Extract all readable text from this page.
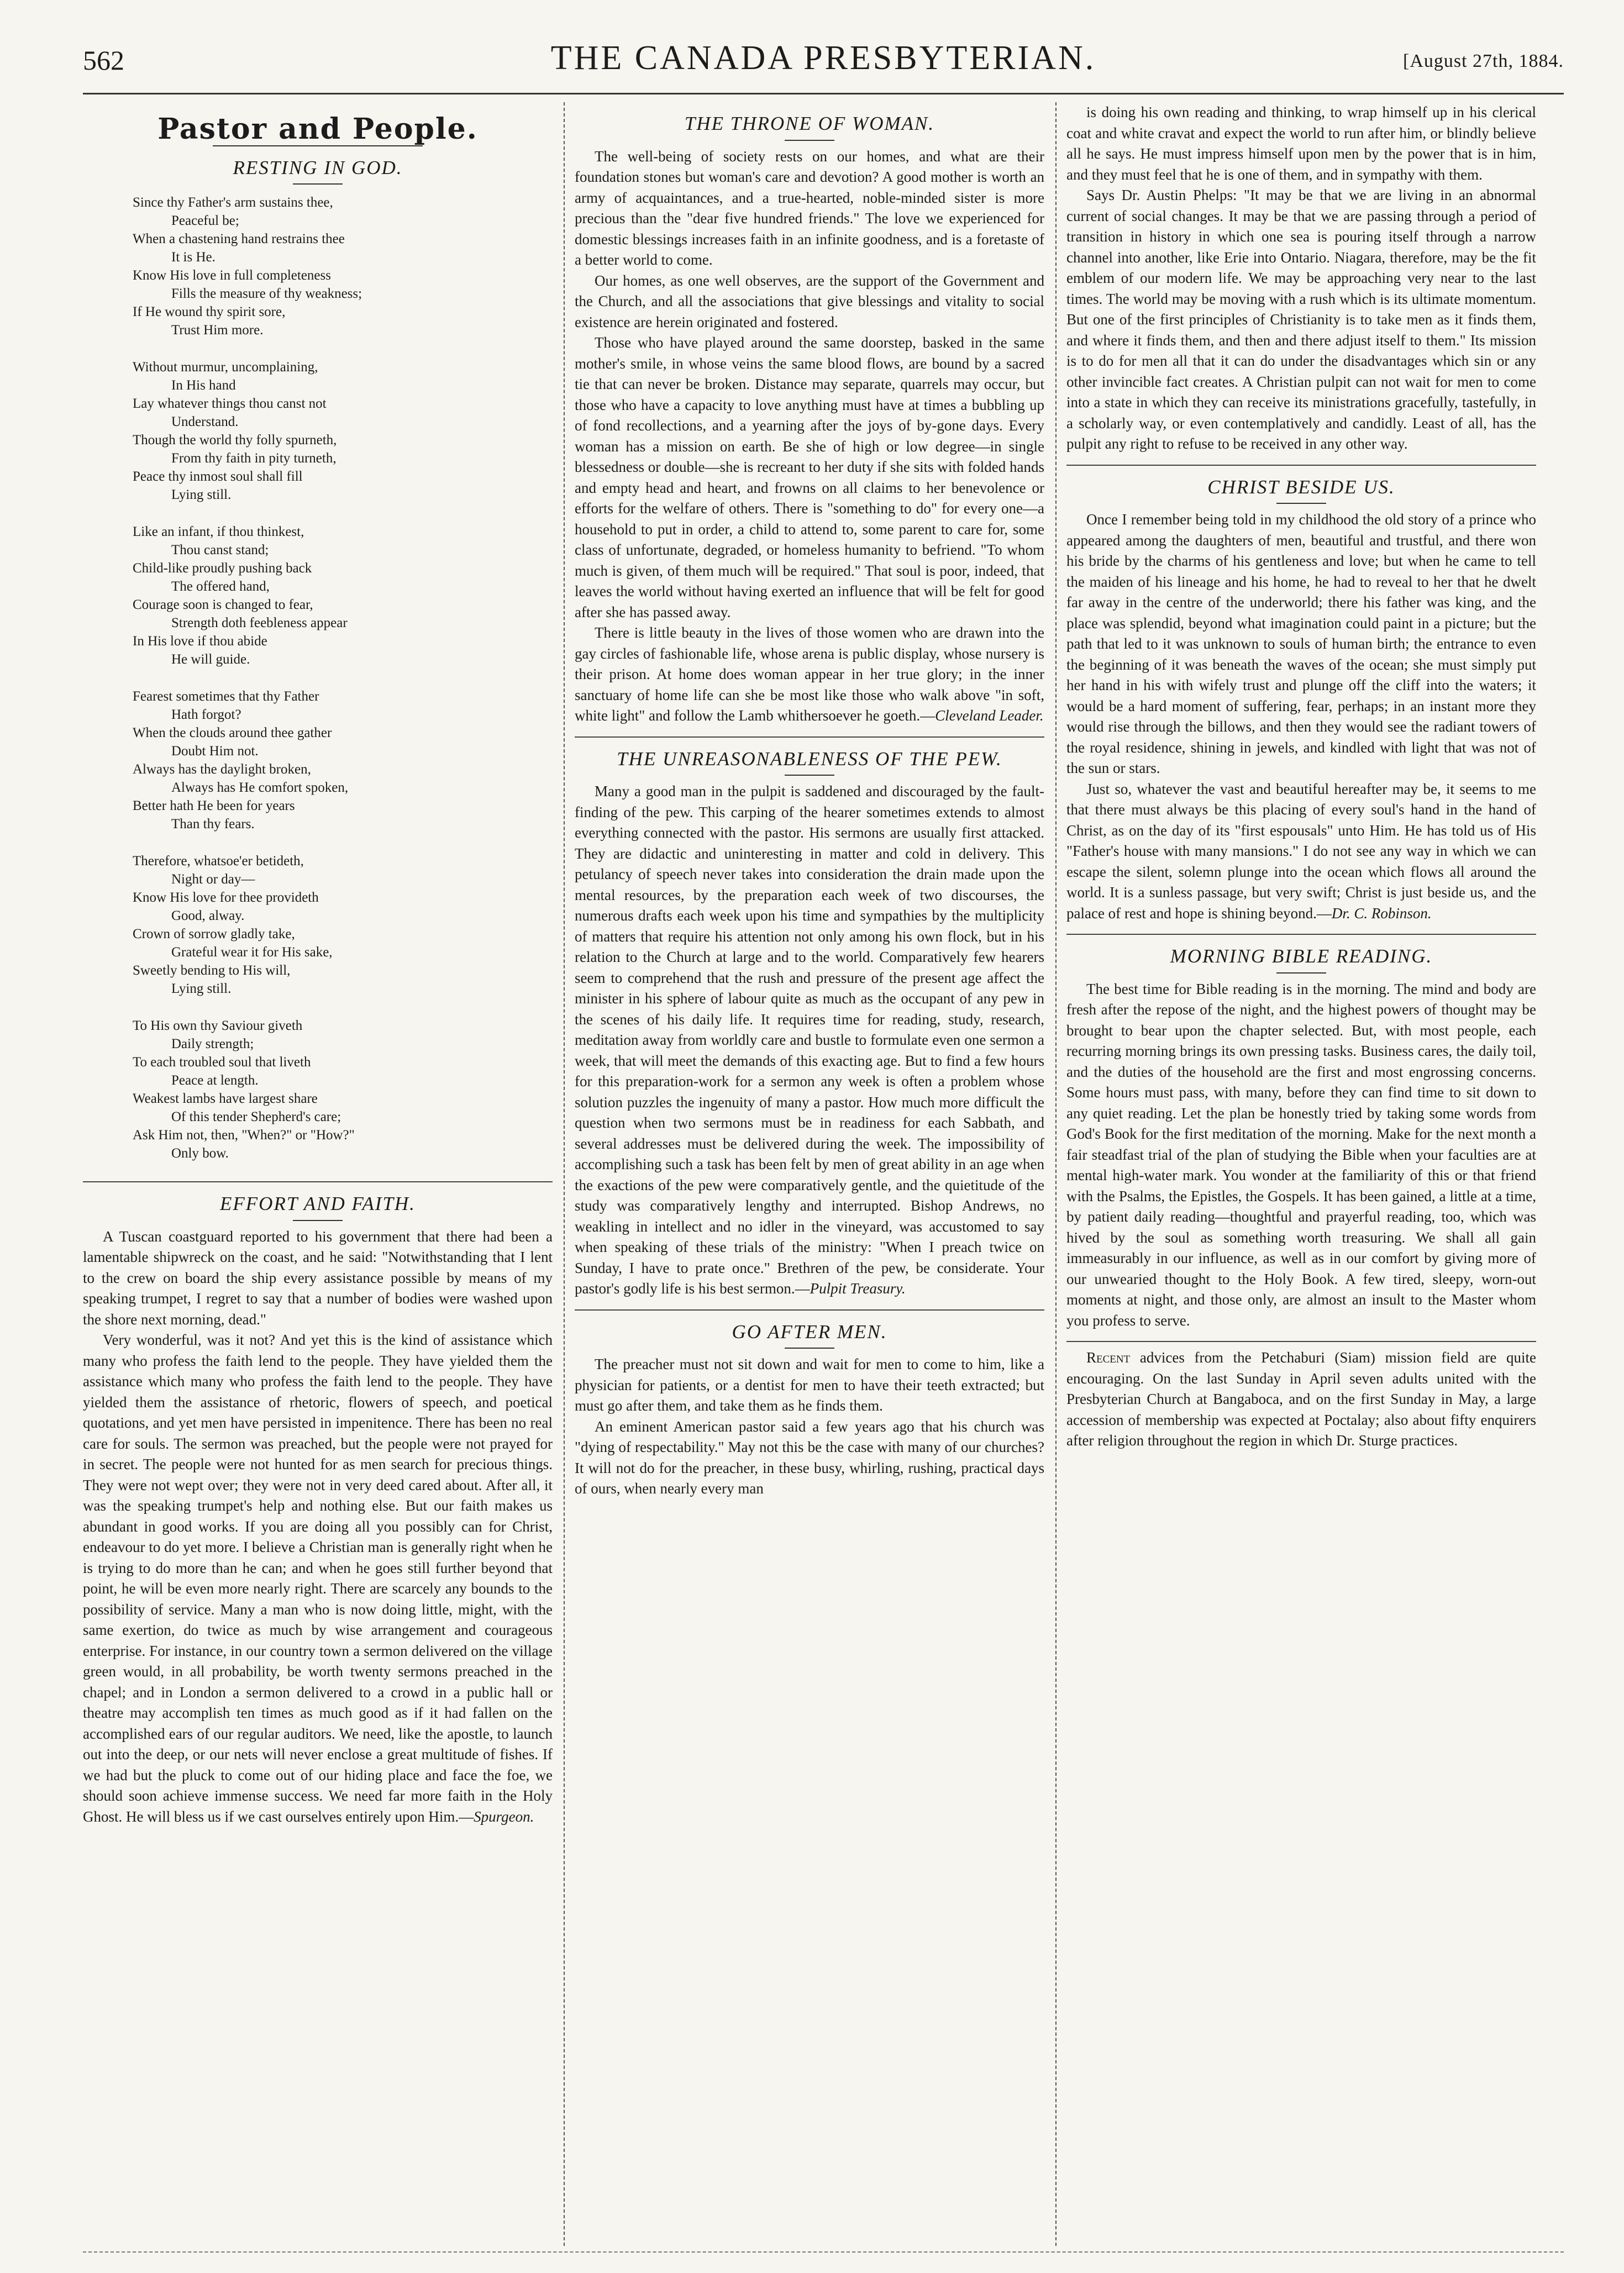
562	THE CANADA PRESBYTERIAN.	[August 27th, 1884.
Pastor and People.
RESTING IN GOD.
Since thy Father's arm sustains thee,
Peaceful be;
When a chastening hand restrains thee
It is He.
Know His love in full completeness
Fills the measure of thy weakness;
If He wound thy spirit sore,
Trust Him more.
Without murmur, uncomplaining,
In His hand
Lay whatever things thou canst not
Understand.
Though the world thy folly spurneth,
From thy faith in pity turneth,
Peace thy inmost soul shall fill
Lying still.
Like an infant, if thou thinkest,
Thou canst stand;
Child-like proudly pushing back
The offered hand,
Courage soon is changed to fear,
Strength doth feebleness appear
In His love if thou abide
He will guide.
Fearest sometimes that thy Father
Hath forgot?
When the clouds around thee gather
Doubt Him not.
Always has the daylight broken,
Always has He comfort spoken,
Better hath He been for years
Than thy fears.
Therefore, whatsoe'er betideth,
Night or day—
Know His love for thee provideth
Good, alway.
Crown of sorrow gladly take,
Grateful wear it for His sake,
Sweetly bending to His will,
Lying still.
To His own thy Saviour giveth
Daily strength;
To each troubled soul that liveth
Peace at length.
Weakest lambs have largest share
Of this tender Shepherd's care;
Ask Him not, then, "When?" or "How?"
Only bow.
EFFORT AND FAITH.

A Tuscan coastguard reported to his government that there had been a lamentable shipwreck on the coast, and he said: "Notwithstanding that I lent to the crew on board the ship every assistance possible by means of my speaking trumpet, I regret to say that a number of bodies were washed upon the shore next morning, dead."

Very wonderful, was it not? And yet this is the kind of assistance which many who profess the faith lend to the people. They have yielded them the assistance which many who profess the faith lend to the people. They have yielded them the assistance of rhetoric, flowers of speech, and poetical quotations, and yet men have persisted in impenitence. There has been no real care for souls. The sermon was preached, but the people were not prayed for in secret. The people were not hunted for as men search for precious things. They were not wept over; they were not in very deed cared about. After all, it was the speaking trumpet's help and nothing else. But our faith makes us abundant in good works. If you are doing all you possibly can for Christ, endeavour to do yet more. I believe a Christian man is generally right when he is trying to do more than he can; and when he goes still further beyond that point, he will be even more nearly right. There are scarcely any bounds to the possibility of service. Many a man who is now doing little, might, with the same exertion, do twice as much by wise arrangement and courageous enterprise. For instance, in our country town a sermon delivered on the village green would, in all probability, be worth twenty sermons preached in the chapel; and in London a sermon delivered to a crowd in a public hall or theatre may accomplish ten times as much good as if it had fallen on the accomplished ears of our regular auditors. We need, like the apostle, to launch out into the deep, or our nets will never enclose a great multitude of fishes. If we had but the pluck to come out of our hiding place and face the foe, we should soon achieve immense success. We need far more faith in the Holy Ghost. He will bless us if we cast ourselves entirely upon Him.—Spurgeon.

THE THRONE OF WOMAN.

The well-being of society rests on our homes, and what are their foundation stones but woman's care and devotion? A good mother is worth an army of acquaintances, and a true-hearted, noble-minded sister is more precious than the "dear five hundred friends." The love we experienced for domestic blessings increases faith in an infinite goodness, and is a foretaste of a better world to come.

Our homes, as one well observes, are the support of the Government and the Church, and all the associations that give blessings and vitality to social existence are herein originated and fostered.

Those who have played around the same doorstep, basked in the same mother's smile, in whose veins the same blood flows, are bound by a sacred tie that can never be broken. Distance may separate, quarrels may occur, but those who have a capacity to love anything must have at times a bubbling up of fond recollections, and a yearning after the joys of by-gone days. Every woman has a mission on earth. Be she of high or low degree—in single blessedness or double—she is recreant to her duty if she sits with folded hands and empty head and heart, and frowns on all claims to her benevolence or efforts for the welfare of others. There is "something to do" for every one—a household to put in order, a child to attend to, some parent to care for, some class of unfortunate, degraded, or homeless humanity to befriend. "To whom much is given, of them much will be required." That soul is poor, indeed, that leaves the world without having exerted an influence that will be felt for good after she has passed away.

There is little beauty in the lives of those women who are drawn into the gay circles of fashionable life, whose arena is public display, whose nursery is their prison. At home does woman appear in her true glory; in the inner sanctuary of home life can she be most like those who walk above "in soft, white light" and follow the Lamb whithersoever he goeth.—Cleveland Leader.

THE UNREASONABLENESS OF THE PEW.

Many a good man in the pulpit is saddened and discouraged by the fault-finding of the pew. This carping of the hearer sometimes extends to almost everything connected with the pastor. His sermons are usually first attacked. They are didactic and uninteresting in matter and cold in delivery. This petulancy of speech never takes into consideration the drain made upon the mental resources, by the preparation each week of two discourses, the numerous drafts each week upon his time and sympathies by the multiplicity of matters that require his attention not only among his own flock, but in his relation to the Church at large and to the world. Comparatively few hearers seem to comprehend that the rush and pressure of the present age affect the minister in his sphere of labour quite as much as the occupant of any pew in the scenes of his daily life. It requires time for reading, study, research, meditation away from worldly care and bustle to formulate even one sermon a week, that will meet the demands of this exacting age. But to find a few hours for this preparation-work for a sermon any week is often a problem whose solution puzzles the ingenuity of many a pastor. How much more difficult the question when two sermons must be in readiness for each Sabbath, and several addresses must be delivered during the week. The impossibility of accomplishing such a task has been felt by men of great ability in an age when the exactions of the pew were comparatively gentle, and the quietitude of the study was comparatively lengthy and interrupted. Bishop Andrews, no weakling in intellect and no idler in the vineyard, was accustomed to say when speaking of these trials of the ministry: "When I preach twice on Sunday, I have to prate once." Brethren of the pew, be considerate. Your pastor's godly life is his best sermon.—Pulpit Treasury.

GO AFTER MEN.

The preacher must not sit down and wait for men to come to him, like a physician for patients, or a dentist for men to have their teeth extracted; but must go after them, and take them as he finds them.

An eminent American pastor said a few years ago that his church was "dying of respectability." May not this be the case with many of our churches? It will not do for the preacher, in these busy, whirling, rushing, practical days of ours, when nearly every man

is doing his own reading and thinking, to wrap himself up in his clerical coat and white cravat and expect the world to run after him, or blindly believe all he says. He must impress himself upon men by the power that is in him, and they must feel that he is one of them, and in sympathy with them.

Says Dr. Austin Phelps: "It may be that we are living in an abnormal current of social changes. It may be that we are passing through a period of transition in history in which one sea is pouring itself through a narrow channel into another, like Erie into Ontario. Niagara, therefore, may be the fit emblem of our modern life. We may be approaching very near to the last times. The world may be moving with a rush which is its ultimate momentum. But one of the first principles of Christianity is to take men as it finds them, and where it finds them, and then and there adjust itself to them." Its mission is to do for men all that it can do under the disadvantages which sin or any other invincible fact creates. A Christian pulpit can not wait for men to come into a state in which they can receive its ministrations gracefully, tastefully, in a scholarly way, or even contemplatively and candidly. Least of all, has the pulpit any right to refuse to be received in any other way.

CHRIST BESIDE US.

Once I remember being told in my childhood the old story of a prince who appeared among the daughters of men, beautiful and trustful, and there won his bride by the charms of his gentleness and love; but when he came to tell the maiden of his lineage and his home, he had to reveal to her that he dwelt far away in the centre of the underworld; there his father was king, and the place was splendid, beyond what imagination could paint in a picture; but the path that led to it was unknown to souls of human birth; the entrance to even the beginning of it was beneath the waves of the ocean; she must simply put her hand in his with wifely trust and plunge off the cliff into the waters; it would be a hard moment of suffering, fear, perhaps; in an instant more they would rise through the billows, and then they would see the radiant towers of the royal residence, shining in jewels, and kindled with light that was not of the sun or stars.

Just so, whatever the vast and beautiful hereafter may be, it seems to me that there must always be this placing of every soul's hand in the hand of Christ, as on the day of its "first espousals" unto Him. He has told us of His "Father's house with many mansions." I do not see any way in which we can escape the silent, solemn plunge into the ocean which flows all around the world. It is a sunless passage, but very swift; Christ is just beside us, and the palace of rest and hope is shining beyond.—Dr. C. Robinson.

MORNING BIBLE READING.

The best time for Bible reading is in the morning. The mind and body are fresh after the repose of the night, and the highest powers of thought may be brought to bear upon the chapter selected. But, with most people, each recurring morning brings its own pressing tasks. Business cares, the daily toil, and the duties of the household are the first and most engrossing concerns. Some hours must pass, with many, before they can find time to sit down to any quiet reading. Let the plan be honestly tried by taking some words from God's Book for the first meditation of the morning. Make for the next month a fair steadfast trial of the plan of studying the Bible when your faculties are at mental high-water mark. You wonder at the familiarity of this or that friend with the Psalms, the Epistles, the Gospels. It has been gained, a little at a time, by patient daily reading—thoughtful and prayerful reading, too, which was hived by the soul as something worth treasuring. We shall all gain immeasurably in our influence, as well as in our comfort by giving more of our unwearied thought to the Holy Book. A few tired, sleepy, worn-out moments at night, and those only, are almost an insult to the Master whom you profess to serve.

Recent advices from the Petchaburi (Siam) mission field are quite encouraging. On the last Sunday in April seven adults united with the Presbyterian Church at Bangaboca, and on the first Sunday in May, a large accession of membership was expected at Poctalay; also about fifty enquirers after religion throughout the region in which Dr. Sturge practices.
